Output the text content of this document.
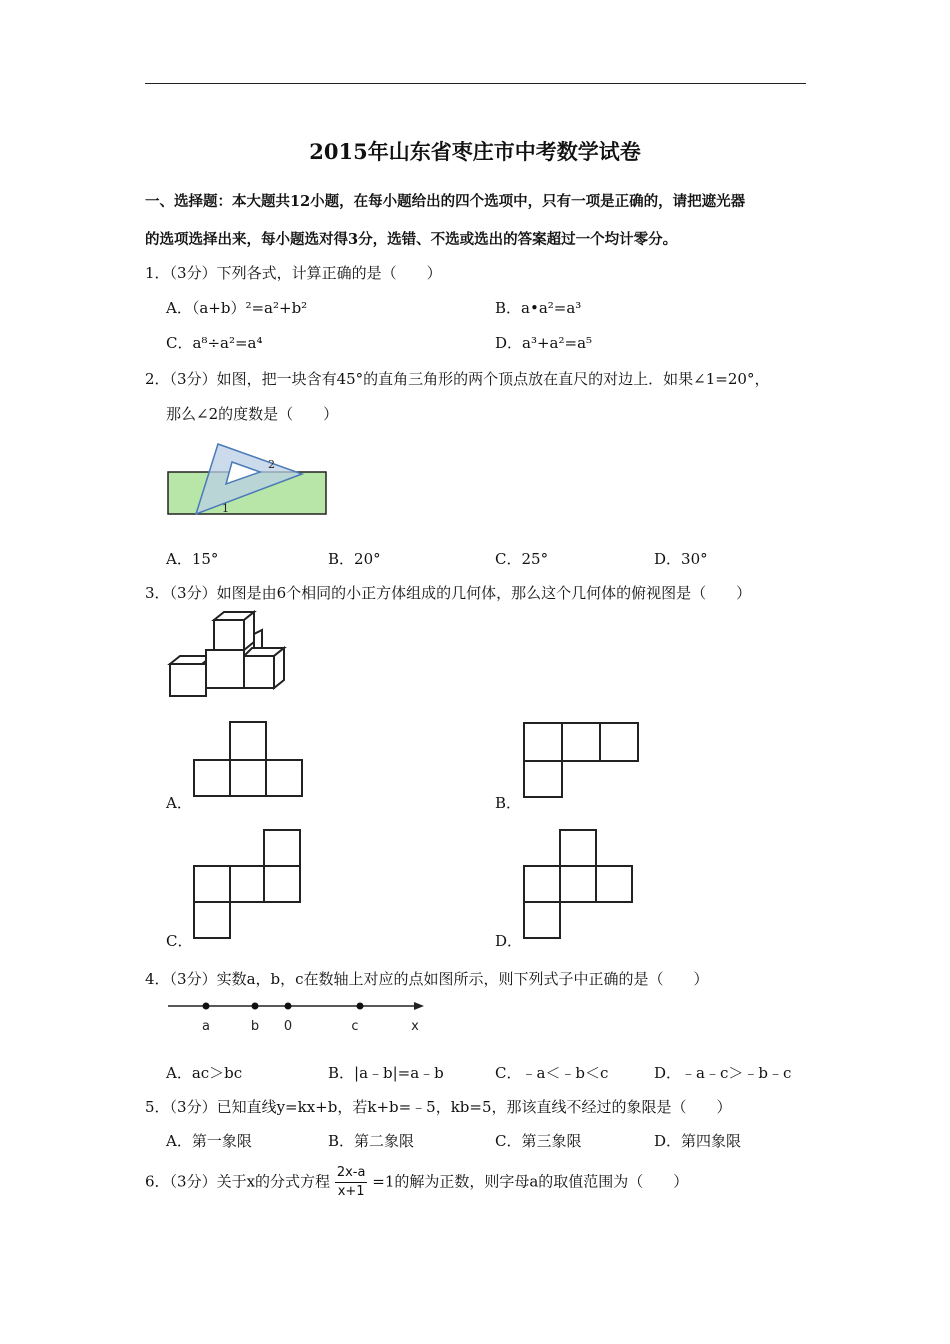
2015年山东省枣庄市中考数学试卷
一、选择题：本大题共12小题，在每小题给出的四个选项中，只有一项是正确的，请把遮光器
的选项选择出来，每小题选对得3分，选错、不选或选出的答案超过一个均计零分。
1．（3分）下列各式，计算正确的是（　　）
A．（a+b）²=a²+b²	B．a•a²=a³
C．a⁸÷a²=a⁴	D．a³+a²=a⁵
2．（3分）如图，把一块含有45°的直角三角形的两个顶点放在直尺的对边上．如果∠1=20°，
那么∠2的度数是（　　）
2
1
A．15°	B．20°	C．25°	D．30°
3．（3分）如图是由6个相同的小正方体组成的几何体，那么这个几何体的俯视图是（　　）
A．	B．
C．	D．
4．（3分）实数a，b，c在数轴上对应的点如图所示，则下列式子中正确的是（　　）
a	b 0	c	x
A．ac＞bc	B．|a﹣b|=a﹣b	C．﹣a＜﹣b＜c	D．﹣a﹣c＞﹣b﹣c
5．（3分）已知直线y=kx+b，若k+b=﹣5，kb=5，那该直线不经过的象限是（　　）
A．第一象限	B．第二象限	C．第三象限	D．第四象限
6．（3分）关于x的分式方程 $\frac{2x-a}{x+1} =1$的解为正数，则字母a的取值范围为（　　）
